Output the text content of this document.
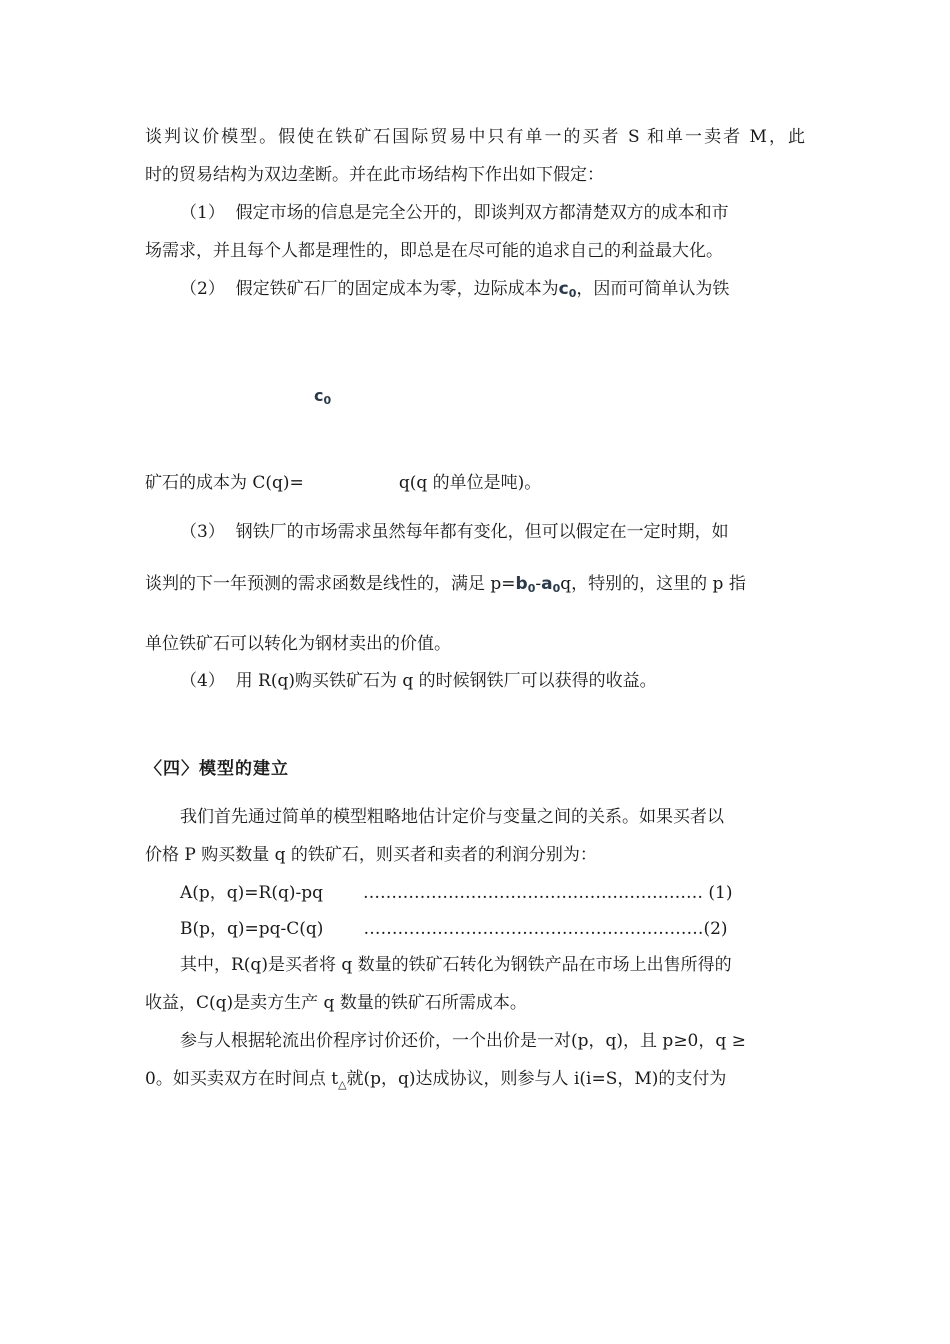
谈判议价模型。假使在铁矿石国际贸易中只有单一的买者 S 和单一卖者 M，此
时的贸易结构为双边垄断。并在此市场结构下作出如下假定：
（1） 假定市场的信息是完全公开的，即谈判双方都清楚双方的成本和市
场需求，并且每个人都是理性的，即总是在尽可能的追求自己的利益最大化。
（2） 假定铁矿石厂的固定成本为零，边际成本为$c_0$，因而可简单认为铁
$c_0$
矿石的成本为 C(q)=	q(q 的单位是吨)。
（3） 钢铁厂的市场需求虽然每年都有变化，但可以假定在一定时期，如
谈判的下一年预测的需求函数是线性的，满足 $p=b_0-a_0q$，特别的，这里的 p 指
单位铁矿石可以转化为钢材卖出的价值。
（4） 用 R(q)购买铁矿石为 q 的时候钢铁厂可以获得的收益。
〈四〉模型的建立
我们首先通过简单的模型粗略地估计定价与变量之间的关系。如果买者以
价格 P 购买数量 q 的铁矿石，则买者和卖者的利润分别为：
A(p，q)=R(q)-pq …………………………………………………… (1)
B(p，q)=pq-C(q) ……………………………………………………(2)
其中，R(q)是买者将 q 数量的铁矿石转化为钢铁产品在市场上出售所得的
收益，C(q)是卖方生产 q 数量的铁矿石所需成本。
参与人根据轮流出价程序讨价还价，一个出价是一对(p，q)，且 p≥0，q ≥
0。如买卖双方在时间点 $t_\triangle$就(p，q)达成协议，则参与人 i(i=S，M)的支付为
